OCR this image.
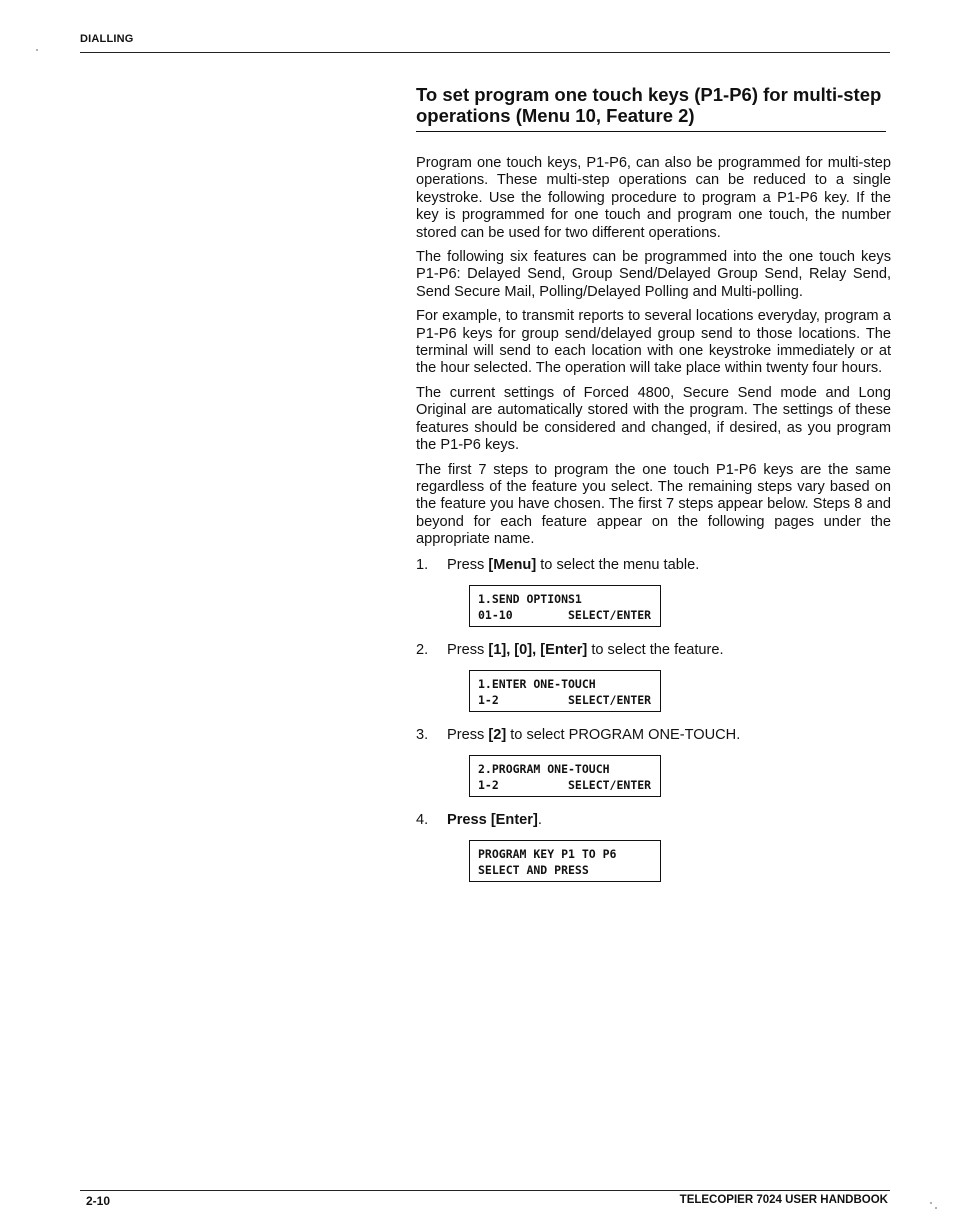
DIALLING
To set program one touch keys (P1-P6) for multi-step operations (Menu 10, Feature 2)

Program one touch keys, P1-P6, can also be programmed for multi-step operations. These multi-step operations can be reduced to a single keystroke. Use the following procedure to program a P1-P6 key. If the key is programmed for one touch and program one touch, the number stored can be used for two different operations.

The following six features can be programmed into the one touch keys P1-P6: Delayed Send, Group Send/Delayed Group Send, Relay Send, Send Secure Mail, Polling/Delayed Polling and Multi-polling.

For example, to transmit reports to several locations everyday, program a P1-P6 keys for group send/delayed group send to those locations. The terminal will send to each location with one keystroke immediately or at the hour selected. The operation will take place within twenty four hours.

The current settings of Forced 4800, Secure Send mode and Long Original are automatically stored with the program. The settings of these features should be considered and changed, if desired, as you program the P1-P6 keys.

The first 7 steps to program the one touch P1-P6 keys are the same regardless of the feature you select. The remaining steps vary based on the feature you have chosen. The first 7 steps appear below. Steps 8 and beyond for each feature appear on the following pages under the appropriate name.

1.	Press [Menu] to select the menu table.
1.SEND OPTIONS1
01-10        SELECT/ENTER
2.	Press [1], [0], [Enter] to select the feature.
1.ENTER ONE-TOUCH
1-2          SELECT/ENTER
3.	Press [2] to select PROGRAM ONE-TOUCH.
2.PROGRAM ONE-TOUCH
1-2          SELECT/ENTER
4.	Press [Enter].
PROGRAM KEY P1 TO P6
SELECT AND PRESS
2-10	TELECOPIER 7024 USER HANDBOOK
